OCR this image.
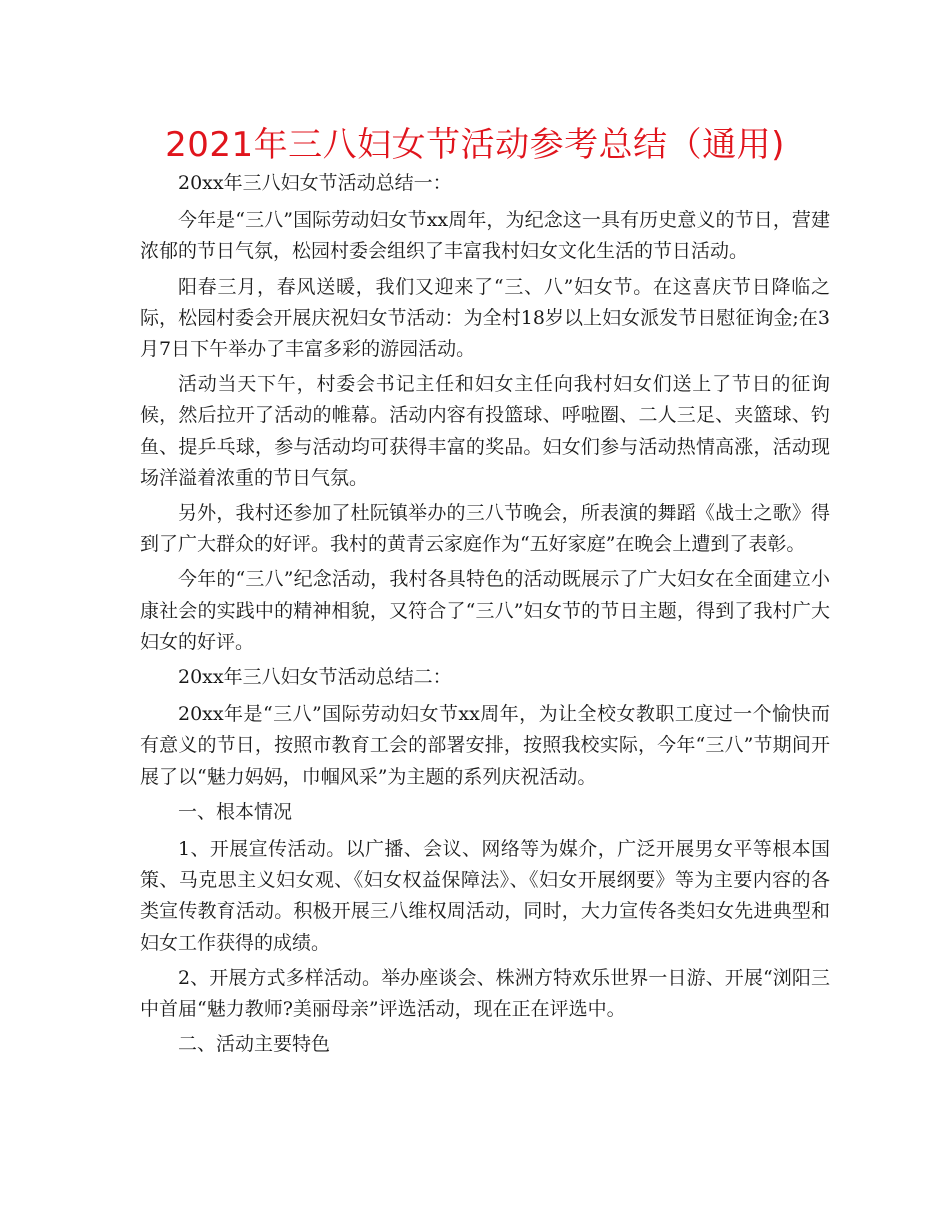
2021年三八妇女节活动参考总结（通用)

20xx年三八妇女节活动总结一：

今年是“三八”国际劳动妇女节xx周年，为纪念这一具有历史意义的节日，营建浓郁的节日气氛，松园村委会组织了丰富我村妇女文化生活的节日活动。

阳春三月，春风送暖，我们又迎来了“三、八”妇女节。在这喜庆节日降临之际，松园村委会开展庆祝妇女节活动：为全村18岁以上妇女派发节日慰征询金;在3月7日下午举办了丰富多彩的游园活动。

活动当天下午，村委会书记主任和妇女主任向我村妇女们送上了节日的征询候，然后拉开了活动的帷幕。活动内容有投篮球、呼啦圈、二人三足、夹篮球、钓鱼、提乒乓球，参与活动均可获得丰富的奖品。妇女们参与活动热情高涨，活动现场洋溢着浓重的节日气氛。

另外，我村还参加了杜阮镇举办的三八节晚会，所表演的舞蹈《战士之歌》得到了广大群众的好评。我村的黄青云家庭作为“五好家庭”在晚会上遭到了表彰。

今年的“三八”纪念活动，我村各具特色的活动既展示了广大妇女在全面建立小康社会的实践中的精神相貌，又符合了“三八”妇女节的节日主题，得到了我村广大妇女的好评。

20xx年三八妇女节活动总结二：

20xx年是“三八”国际劳动妇女节xx周年，为让全校女教职工度过一个愉快而有意义的节日，按照市教育工会的部署安排，按照我校实际，今年“三八”节期间开展了以“魅力妈妈，巾帼风采”为主题的系列庆祝活动。

一、根本情况

1、开展宣传活动。以广播、会议、网络等为媒介，广泛开展男女平等根本国策、马克思主义妇女观、《妇女权益保障法》、《妇女开展纲要》等为主要内容的各类宣传教育活动。积极开展三八维权周活动，同时，大力宣传各类妇女先进典型和妇女工作获得的成绩。

2、开展方式多样活动。举办座谈会、株洲方特欢乐世界一日游、开展“浏阳三中首届“魅力教师?美丽母亲”评选活动，现在正在评选中。

二、活动主要特色
